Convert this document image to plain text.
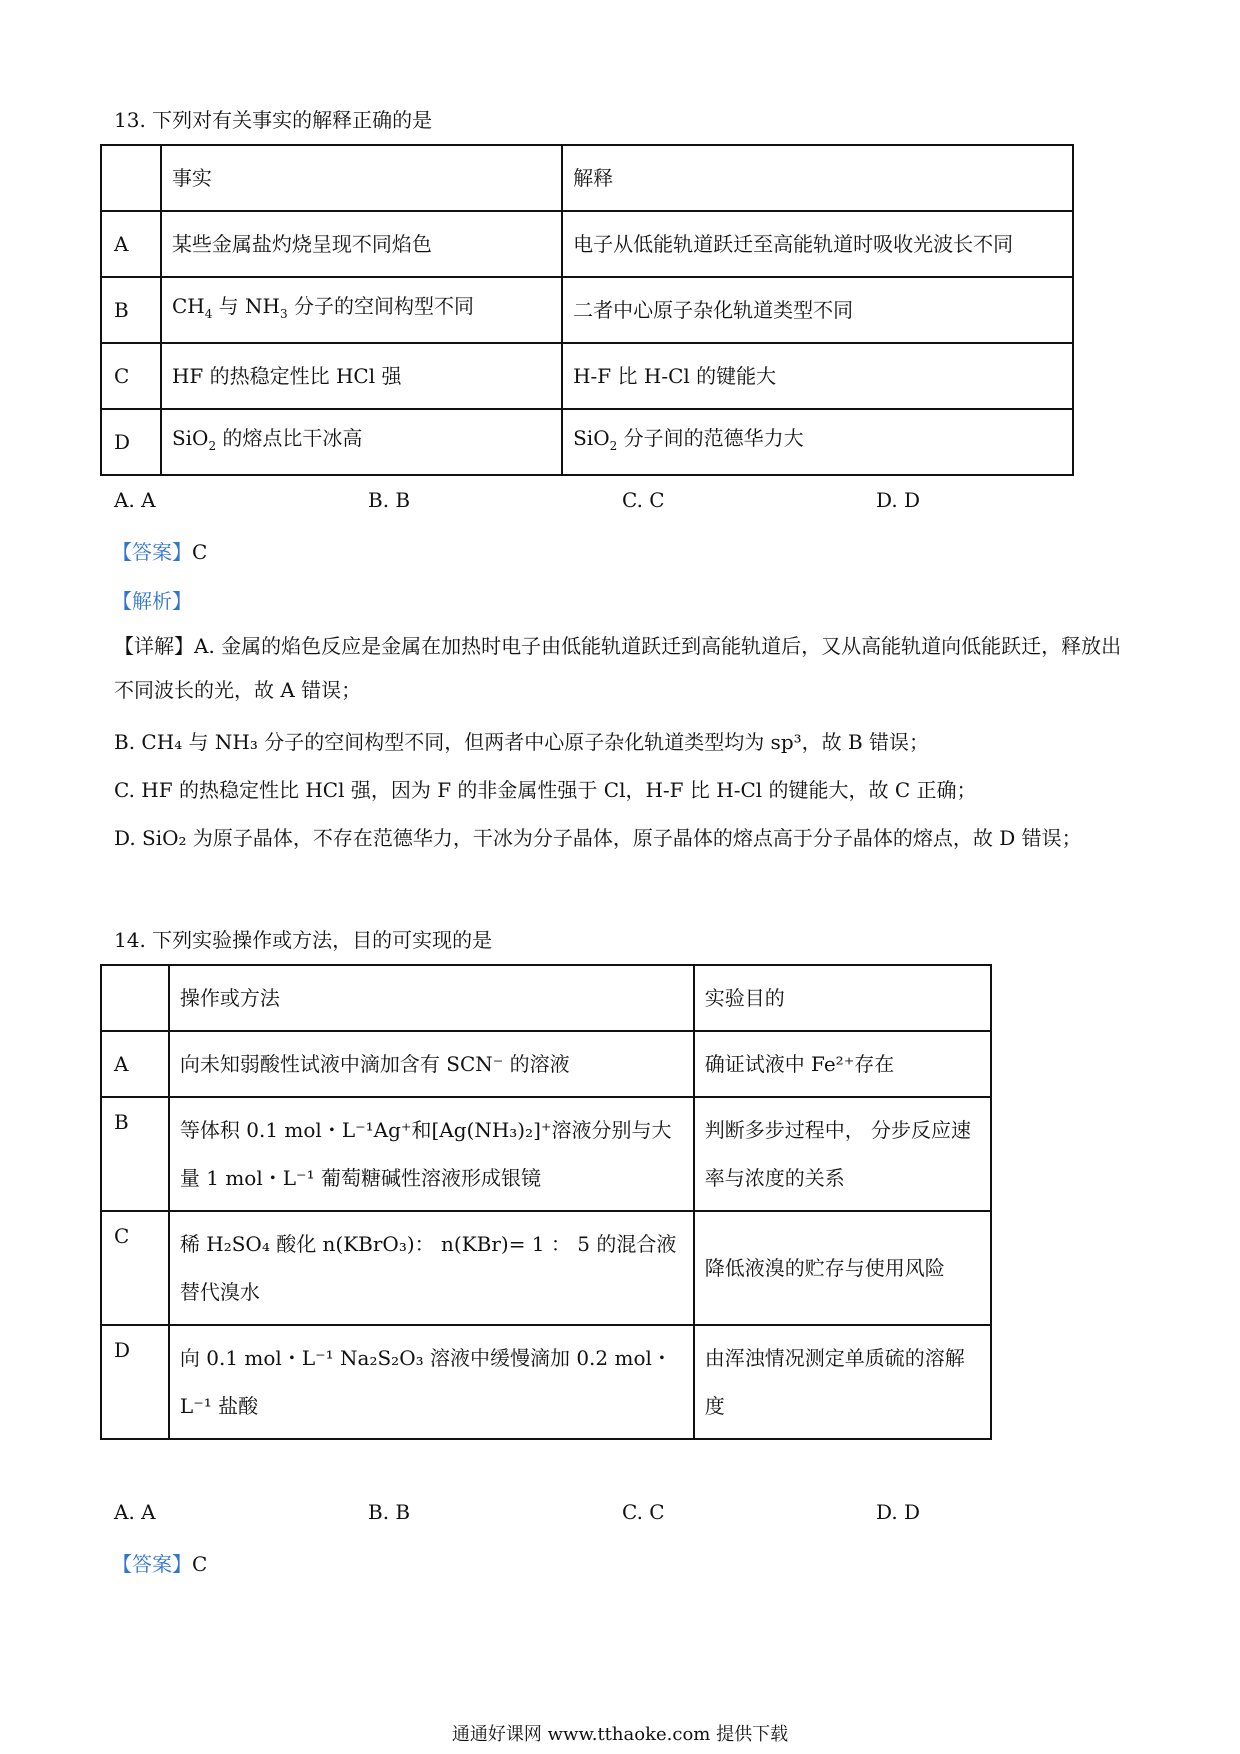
13. 下列对有关事实的解释正确的是
	事实	解释
A	某些金属盐灼烧呈现不同焰色	电子从低能轨道跃迁至高能轨道时吸收光波长不同
B	$CH_4$ 与 $NH_3$ 分子的空间构型不同	二者中心原子杂化轨道类型不同
C	HF 的热稳定性比 HCl 强	H-F 比 H-Cl 的键能大
D	SiO$_2$ 的熔点比干冰高	SiO$_2$ 分子间的范德华力大
A. A	B. B	C. C	D. D
【答案】C
【解析】
【详解】A. 金属的焰色反应是金属在加热时电子由低能轨道跃迁到高能轨道后，又从高能轨道向低能跃迁，释放出不同波长的光，故 A 错误；
B. CH₄ 与 NH₃ 分子的空间构型不同，但两者中心原子杂化轨道类型均为 sp³，故 B 错误；
C. HF 的热稳定性比 HCl 强，因为 F 的非金属性强于 Cl，H-F 比 H-Cl 的键能大，故 C 正确；
D. SiO₂ 为原子晶体，不存在范德华力，干冰为分子晶体，原子晶体的熔点高于分子晶体的熔点，故 D 错误；
14. 下列实验操作或方法，目的可实现的是
	操作或方法	实验目的
A	向未知弱酸性试液中滴加含有 SCN⁻ 的溶液	确证试液中 Fe²⁺存在
B	等体积 0.1 mol・L⁻¹Ag⁺和[Ag(NH₃)₂]⁺溶液分别与大量 1 mol・L⁻¹ 葡萄糖碱性溶液形成银镜	判断多步过程中， 分步反应速率与浓度的关系
C	稀 H₂SO₄ 酸化 n(KBrO₃)： n(KBr)= 1 ： 5 的混合液替代溴水	降低液溴的贮存与使用风险
D	向 0.1 mol・L⁻¹ Na₂S₂O₃ 溶液中缓慢滴加 0.2 mol・L⁻¹ 盐酸	由浑浊情况测定单质硫的溶解度
A. A	B. B	C. C	D. D
【答案】C
通通好课网 www.tthaoke.com 提供下载
